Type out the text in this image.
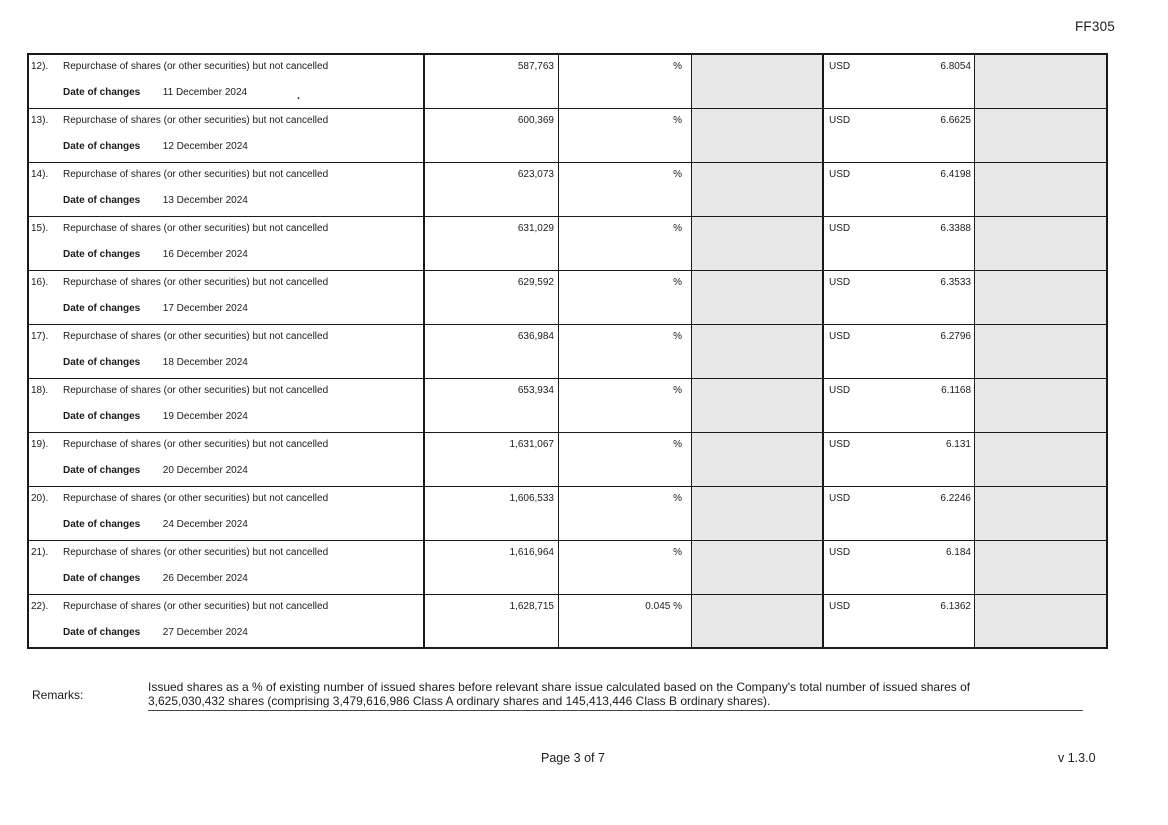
FF305
12). Repurchase of shares (or other securities) but not cancelled
Date of changes 11 December 2024
587,763	%	USD	6.8054
13). Repurchase of shares (or other securities) but not cancelled
Date of changes 12 December 2024
600,369	%	USD	6.6625
14). Repurchase of shares (or other securities) but not cancelled
Date of changes 13 December 2024
623,073	%	USD	6.4198
15). Repurchase of shares (or other securities) but not cancelled
Date of changes 16 December 2024
631,029	%	USD	6.3388
16). Repurchase of shares (or other securities) but not cancelled
Date of changes 17 December 2024
629,592	%	USD	6.3533
17). Repurchase of shares (or other securities) but not cancelled
Date of changes 18 December 2024
636,984	%	USD	6.2796
18). Repurchase of shares (or other securities) but not cancelled
Date of changes 19 December 2024
653,934	%	USD	6.1168
19). Repurchase of shares (or other securities) but not cancelled
Date of changes 20 December 2024
1,631,067	%	USD	6.131
20). Repurchase of shares (or other securities) but not cancelled
Date of changes 24 December 2024
1,606,533	%	USD	6.2246
21). Repurchase of shares (or other securities) but not cancelled
Date of changes 26 December 2024
1,616,964	%	USD	6.184
22). Repurchase of shares (or other securities) but not cancelled
Date of changes 27 December 2024
1,628,715	0.045 %	USD	6.1362
.
Remarks:
Issued shares as a % of existing number of issued shares before relevant share issue calculated based on the Company's total number of issued shares of
3,625,030,432 shares (comprising 3,479,616,986 Class A ordinary shares and 145,413,446 Class B ordinary shares).
Page 3 of 7	v 1.3.0
